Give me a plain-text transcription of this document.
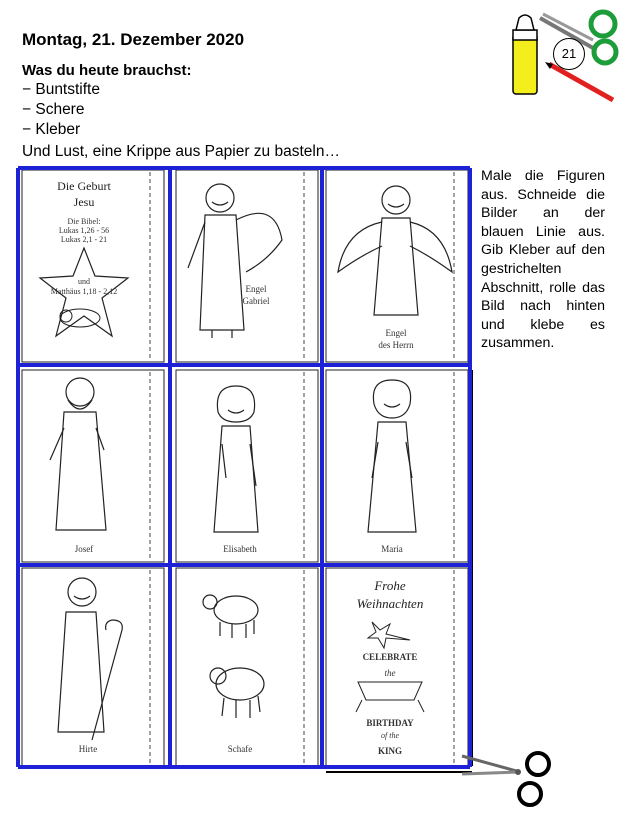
Montag, 21. Dezember 2020
Was du heute brauchst:
− Buntstifte
− Schere
− Kleber
Und Lust, eine Krippe aus Papier zu basteln…
Male die Figuren aus. Schneide die Bilder an der blauen Linie aus. Gib Kleber auf den gestrichelten Abschnitt, rolle das Bild nach hinten und klebe es zusammen.
21
Die Geburt
Jesu
Die Bibel:
Lukas 1,26 - 56
Lukas 2,1 - 21
und
Matthäus 1,18 - 2,12	Engel
Gabriel
Engel
des Herrn
Josef	Elisabeth	Maria
Hirte	Schafe
Frohe
Weihnachten
CELEBRATE
the
BIRTHDAY
of the
KING
